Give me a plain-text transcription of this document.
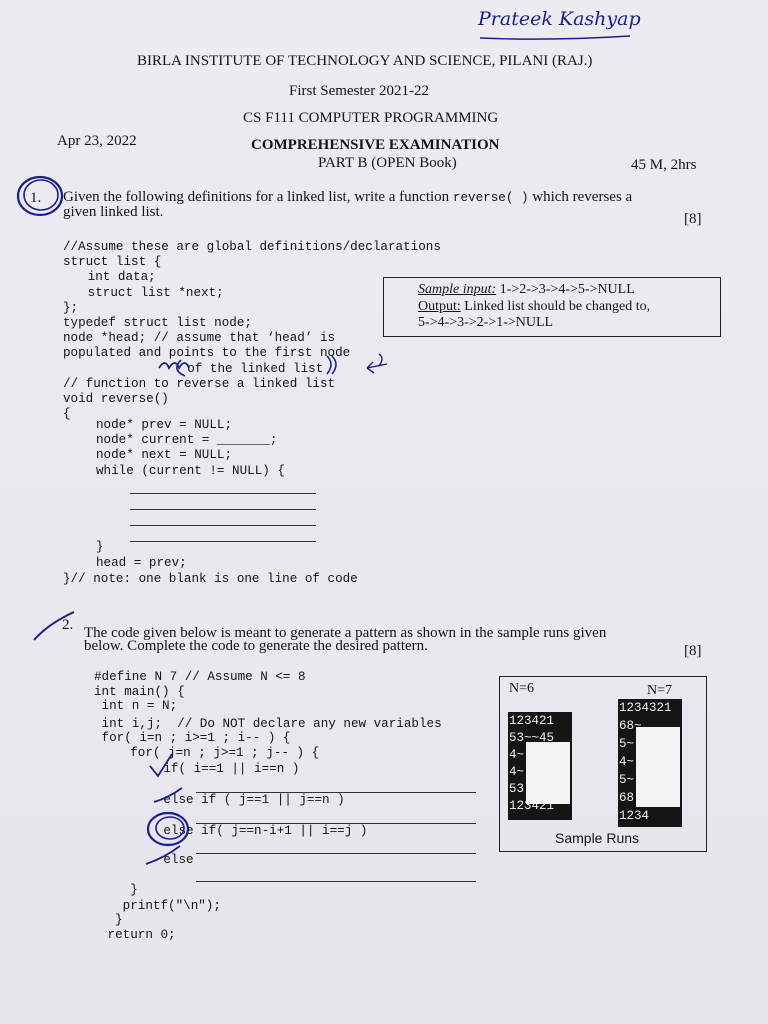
Prateek Kashyap
BIRLA INSTITUTE OF TECHNOLOGY AND SCIENCE, PILANI (RAJ.)
First Semester 2021-22
CS F111 COMPUTER PROGRAMMING
Apr 23, 2022	COMPREHENSIVE EXAMINATION
PART B (OPEN Book)	45 M, 2hrs
1. Given the following definitions for a linked list, write a function reverse( ) which reverses a
given linked list.	[8]
//Assume these are global definitions/declarations
struct list {
int data;
struct list *next;
};
typedef struct list node;
node *head; // assume that ‘head’ is
populated and points to the first node
of the linked list
// function to reverse a linked list
void reverse()
{
node* prev = NULL;
node* current = _______;
node* next = NULL;
while (current != NULL) {
}
head = prev;
}// note: one blank is one line of code
Sample input: 1->2->3->4->5->NULL
Output: Linked list should be changed to,
5->4->3->2->1->NULL
2. The code given below is meant to generate a pattern as shown in the sample runs given
below. Complete the code to generate the desired pattern.	[8]
#define N 7 // Assume N <= 8
int main() {
int n = N;
int i,j;  // Do NOT declare any new variables
for( i=n ; i>=1 ; i-- ) {
for( j=n ; j>=1 ; j-- ) {
if( i==1 || i==n )
else if ( j==1 || j==n )
else if( j==n-i+1 || i==j )
else
}
printf("\n");
}
return 0;
N=6	N=7
123421
53~~45
4~
4~
53
123421
1234321
68~
5~
4~
5~
68
1234
Sample Runs
